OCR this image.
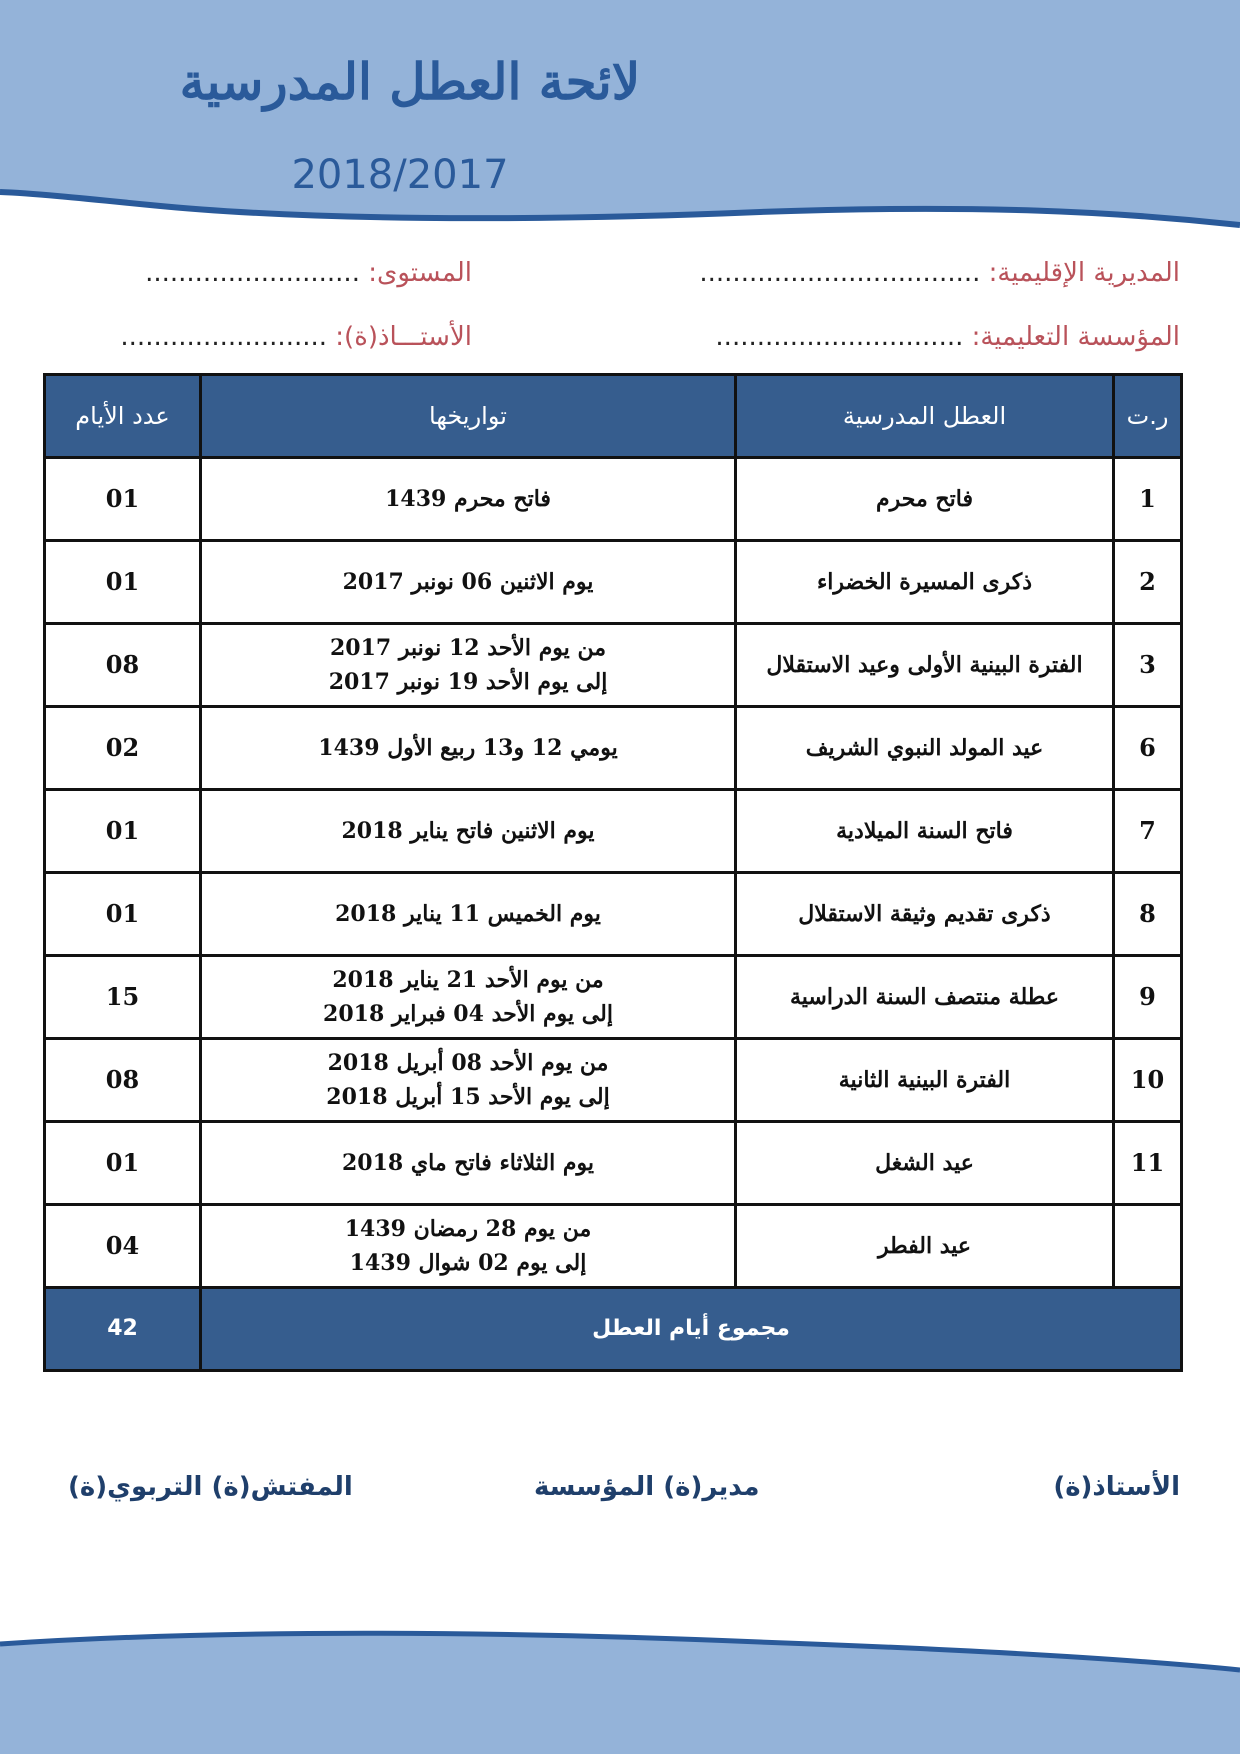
لائحة العطل المدرسية
2018/2017
المديرية الإقليمية: ..................................
المستوى: ..........................
المؤسسة التعليمية: ..............................
الأستـــاذ(ة): .........................
ر.ت	العطل المدرسية	تواريخها	عدد الأيام
1	فاتح محرم	فاتح محرم 1439	01
2	ذكرى المسيرة الخضراء	يوم الاثنين 06 نونبر 2017	01
3	الفترة البينية الأولى وعيد الاستقلال	من يوم الأحد 12 نونبر 2017
إلى يوم الأحد 19 نونبر 2017	08
6	عيد المولد النبوي الشريف	يومي 12 و13 ربيع الأول 1439	02
7	فاتح السنة الميلادية	يوم الاثنين فاتح يناير 2018	01
8	ذكرى تقديم وثيقة الاستقلال	يوم الخميس 11 يناير 2018	01
9	عطلة منتصف السنة الدراسية	من يوم الأحد 21 يناير 2018
إلى يوم الأحد 04 فبراير 2018	15
10	الفترة البينية الثانية	من يوم الأحد 08 أبريل 2018
إلى يوم الأحد 15 أبريل 2018	08
11	عيد الشغل	يوم الثلاثاء فاتح ماي 2018	01
	عيد الفطر	من يوم 28 رمضان 1439
إلى يوم 02 شوال 1439	04
مجموع أيام العطل			42
الأستاذ(ة)
مدير(ة) المؤسسة
المفتش(ة) التربوي(ة)
